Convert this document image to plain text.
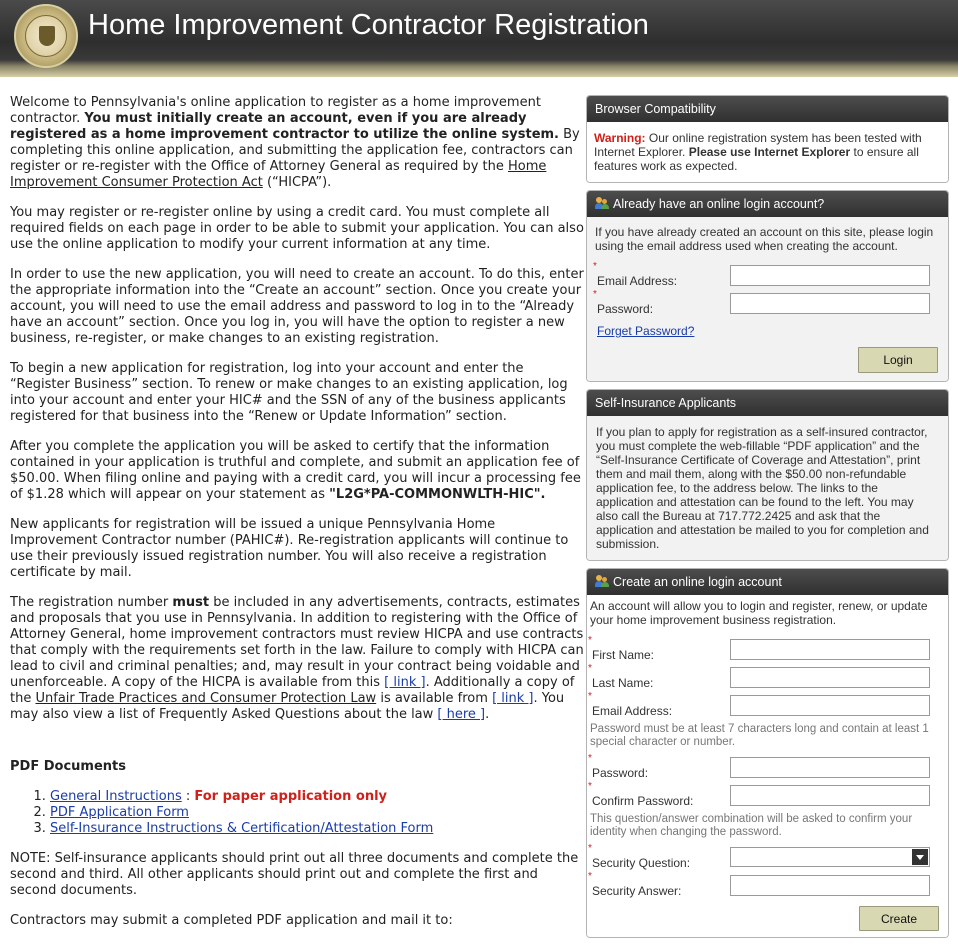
Home Improvement Contractor Registration

Welcome to Pennsylvania's online application to register as a home improvement contractor. You must initially create an account, even if you are already registered as a home improvement contractor to utilize the online system. By completing this online application, and submitting the application fee, contractors can register or re-register with the Office of Attorney General as required by the Home Improvement Consumer Protection Act (“HICPA”).

You may register or re-register online by using a credit card. You must complete all required fields on each page in order to be able to submit your application. You can also use the online application to modify your current information at any time.

In order to use the new application, you will need to create an account. To do this, enter the appropriate information into the “Create an account” section. Once you create your account, you will need to use the email address and password to log in to the “Already have an account” section. Once you log in, you will have the option to register a new business, re-register, or make changes to an existing registration.

To begin a new application for registration, log into your account and enter the “Register Business” section. To renew or make changes to an existing application, log into your account and enter your HIC# and the SSN of any of the business applicants registered for that business into the “Renew or Update Information” section.

After you complete the application you will be asked to certify that the information contained in your application is truthful and complete, and submit an application fee of $50.00. When filing online and paying with a credit card, you will incur a processing fee of $1.28 which will appear on your statement as "L2G*PA-COMMONWLTH-HIC".

New applicants for registration will be issued a unique Pennsylvania Home Improvement Contractor number (PAHIC#). Re-registration applicants will continue to use their previously issued registration number. You will also receive a registration certificate by mail.

The registration number must be included in any advertisements, contracts, estimates and proposals that you use in Pennsylvania. In addition to registering with the Office of Attorney General, home improvement contractors must review HICPA and use contracts that comply with the requirements set forth in the law. Failure to comply with HICPA can lead to civil and criminal penalties; and, may result in your contract being voidable and unenforceable. A copy of the HICPA is available from this [ link ]. Additionally a copy of the Unfair Trade Practices and Consumer Protection Law is available from [ link ]. You may also view a list of Frequently Asked Questions about the law [ here ].

PDF Documents
1. General Instructions : For paper application only
2. PDF Application Form
3. Self-Insurance Instructions & Certification/Attestation Form

NOTE: Self-insurance applicants should print out all three documents and complete the second and third. All other applicants should print out and complete the first and second documents.

Contractors may submit a completed PDF application and mail it to:

Browser Compatibility
Warning: Our online registration system has been tested with Internet Explorer. Please use Internet Explorer to ensure all features work as expected.
Already have an online login account?
If you have already created an account on this site, please login using the email address used when creating the account.
*
Email Address:
*
Password:
Forget Password?
Login
Self-Insurance Applicants
If you plan to apply for registration as a self-insured contractor, you must complete the web-fillable “PDF application” and the “Self-Insurance Certificate of Coverage and Attestation”, print them and mail them, along with the $50.00 non-refundable application fee, to the address below. The links to the application and attestation can be found to the left. You may also call the Bureau at 717.772.2425 and ask that the application and attestation be mailed to you for completion and submission.
Create an online login account
An account will allow you to login and register, renew, or update your home improvement business registration.
*
First Name:
*
Last Name:
*
Email Address:
Password must be at least 7 characters long and contain at least 1 special character or number.
*
Password:
*
Confirm Password:
This question/answer combination will be asked to confirm your identity when changing the password.
*
Security Question:
*
Security Answer:
Create
